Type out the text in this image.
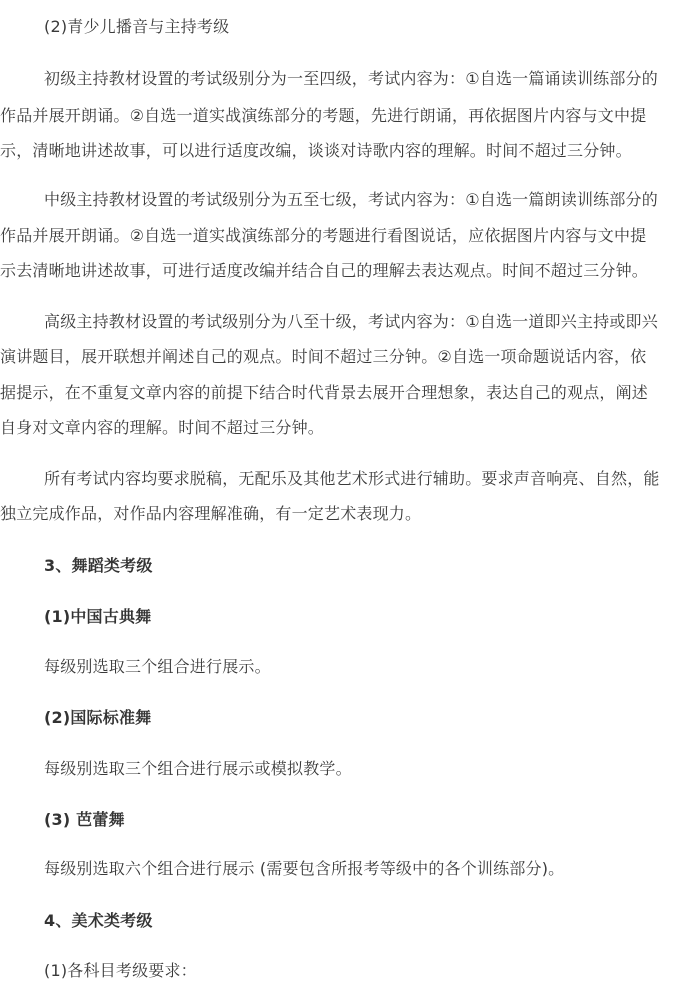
(2)青少儿播音与主持考级
初级主持教材设置的考试级别分为一至四级，考试内容为：①自选一篇诵读训练部分的
作品并展开朗诵。②自选一道实战演练部分的考题，先进行朗诵，再依据图片内容与文中提
示，清晰地讲述故事，可以进行适度改编，谈谈对诗歌内容的理解。时间不超过三分钟。
中级主持教材设置的考试级别分为五至七级，考试内容为：①自选一篇朗读训练部分的
作品并展开朗诵。②自选一道实战演练部分的考题进行看图说话，应依据图片内容与文中提
示去清晰地讲述故事，可进行适度改编并结合自己的理解去表达观点。时间不超过三分钟。
高级主持教材设置的考试级别分为八至十级，考试内容为：①自选一道即兴主持或即兴
演讲题目，展开联想并阐述自己的观点。时间不超过三分钟。②自选一项命题说话内容，依
据提示，在不重复文章内容的前提下结合时代背景去展开合理想象，表达自己的观点，阐述
自身对文章内容的理解。时间不超过三分钟。
所有考试内容均要求脱稿，无配乐及其他艺术形式进行辅助。要求声音响亮、自然，能
独立完成作品，对作品内容理解准确，有一定艺术表现力。
3、舞蹈类考级
(1)中国古典舞
每级别选取三个组合进行展示。
(2)国际标准舞
每级别选取三个组合进行展示或模拟教学。
(3) 芭蕾舞
每级别选取六个组合进行展示 (需要包含所报考等级中的各个训练部分)。
4、美术类考级
(1)各科目考级要求：
